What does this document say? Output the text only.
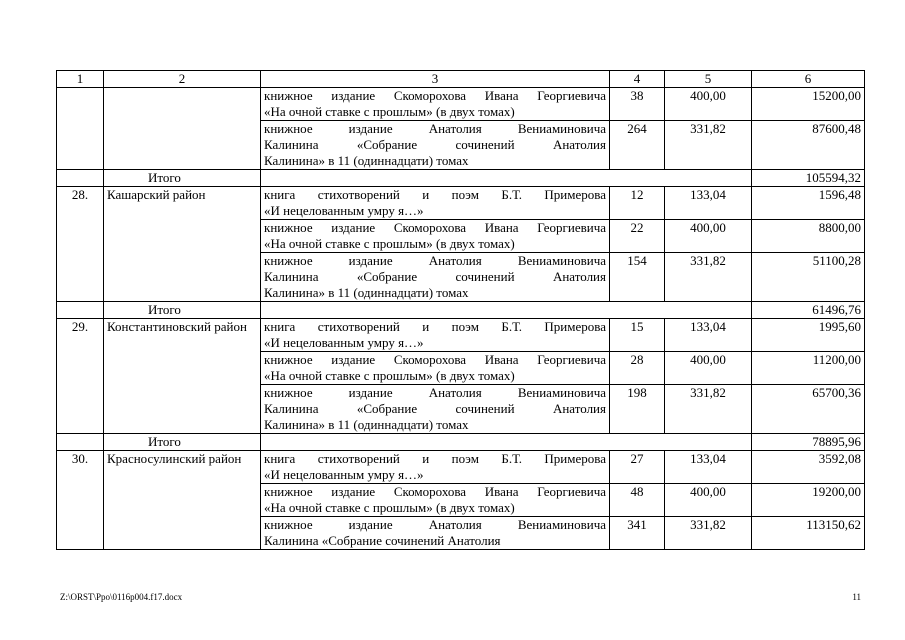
1	2	3	4	5	6

		книжное издание Скоморохова Ивана Георгиевича
«На очной ставке с прошлым» (в двух томах)	38	400,00	15200,00

		книжное издание Анатолия Вениаминовича
Калинина «Собрание сочинений Анатолия
Калинина» в 11 (одиннадцати) томах	264	331,82	87600,48
	Итого				105594,32
28.	Кашарский район	книга стихотворений и поэм Б.Т. Примерова
«И нецелованным умру я…»	12	133,04	1596,48

		книжное издание Скоморохова Ивана Георгиевича
«На очной ставке с прошлым» (в двух томах)	22	400,00	8800,00

		книжное издание Анатолия Вениаминовича
Калинина «Собрание сочинений Анатолия
Калинина» в 11 (одиннадцати) томах	154	331,82	51100,28
	Итого				61496,76
29.	Константиновский район	книга стихотворений и поэм Б.Т. Примерова
«И нецелованным умру я…»	15	133,04	1995,60

		книжное издание Скоморохова Ивана Георгиевича
«На очной ставке с прошлым» (в двух томах)	28	400,00	11200,00

		книжное издание Анатолия Вениаминовича
Калинина «Собрание сочинений Анатолия
Калинина» в 11 (одиннадцати) томах	198	331,82	65700,36
	Итого				78895,96
30.	Красносулинский район	книга стихотворений и поэм Б.Т. Примерова
«И нецелованным умру я…»	27	133,04	3592,08

		книжное издание Скоморохова Ивана Георгиевича
«На очной ставке с прошлым» (в двух томах)	48	400,00	19200,00

		книжное издание Анатолия Вениаминовича
Калинина «Собрание сочинений Анатолия	341	331,82	113150,62
Z:\ORST\Ppo\0116p004.f17.docx	11
